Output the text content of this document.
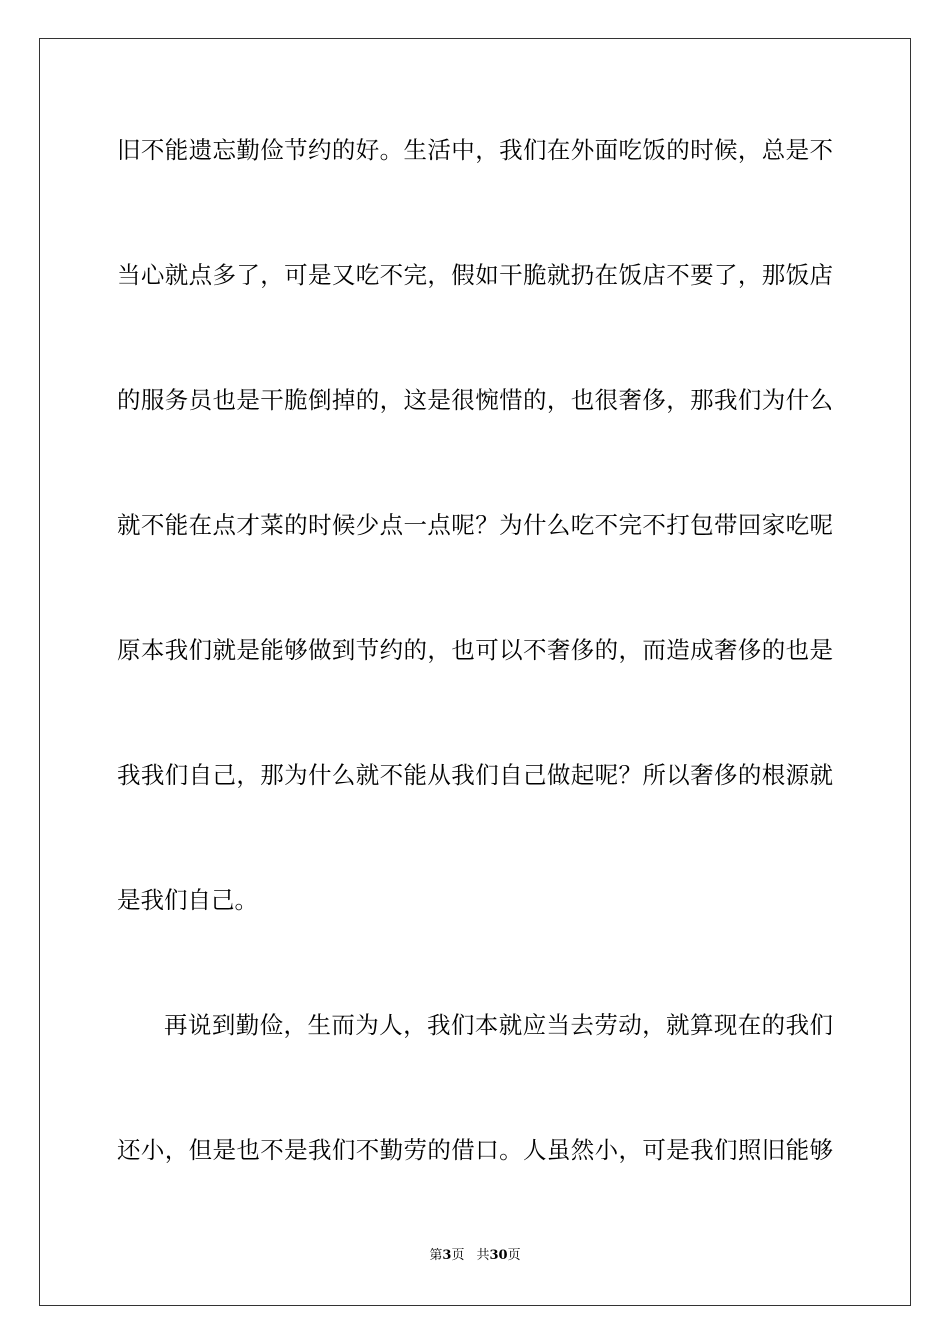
旧不能遗忘勤俭节约的好。生活中，我们在外面吃饭的时候，总是不
当心就点多了，可是又吃不完，假如干脆就扔在饭店不要了，那饭店
的服务员也是干脆倒掉的，这是很惋惜的，也很奢侈，那我们为什么
就不能在点才菜的时候少点一点呢？为什么吃不完不打包带回家吃呢
原本我们就是能够做到节约的，也可以不奢侈的，而造成奢侈的也是
我我们自己，那为什么就不能从我们自己做起呢？所以奢侈的根源就
是我们自己。
再说到勤俭，生而为人，我们本就应当去劳动，就算现在的我们
还小，但是也不是我们不勤劳的借口。人虽然小，可是我们照旧能够
第3页 共30页
